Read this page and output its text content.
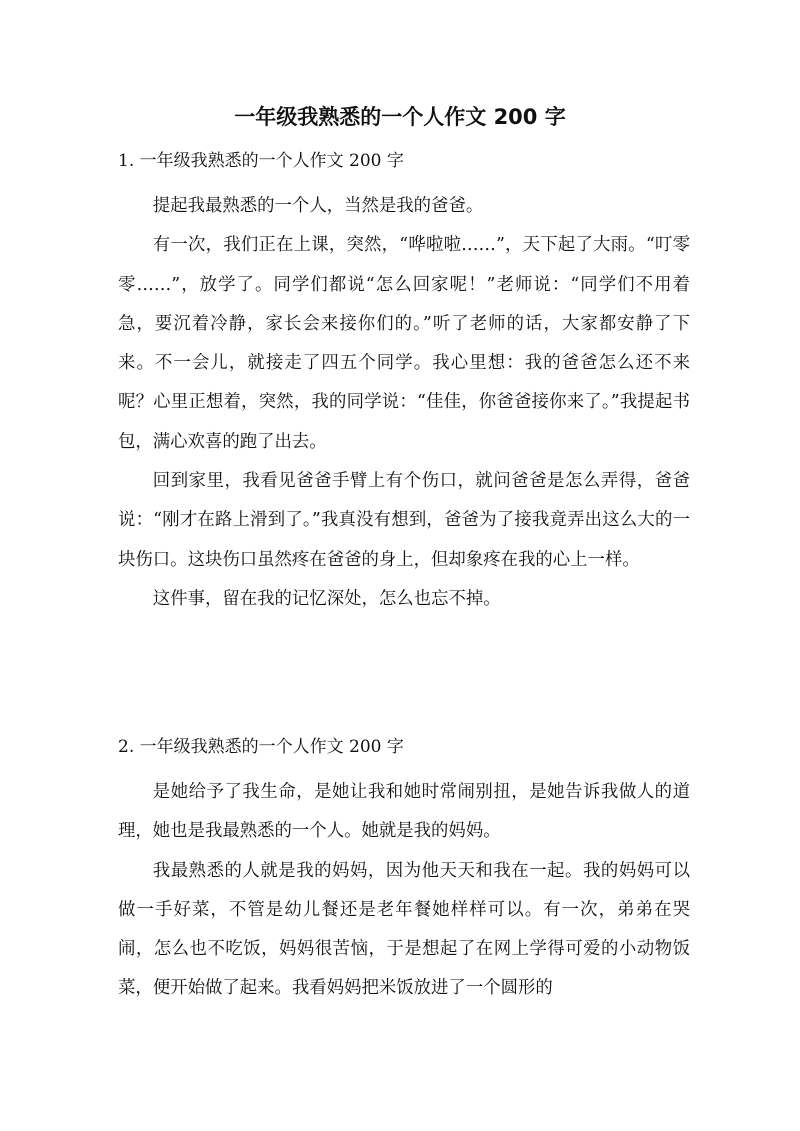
一年级我熟悉的一个人作文 200 字

1. 一年级我熟悉的一个人作文 200 字

提起我最熟悉的一个人，当然是我的爸爸。

有一次，我们正在上课，突然，“哗啦啦……”，天下起了大雨。“叮零零……”，放学了。同学们都说“怎么回家呢！”老师说：“同学们不用着急，要沉着冷静，家长会来接你们的。”听了老师的话，大家都安静了下来。不一会儿，就接走了四五个同学。我心里想：我的爸爸怎么还不来呢？心里正想着，突然，我的同学说：“佳佳，你爸爸接你来了。”我提起书包，满心欢喜的跑了出去。

回到家里，我看见爸爸手臂上有个伤口，就问爸爸是怎么弄得，爸爸说：“刚才在路上滑到了。”我真没有想到，爸爸为了接我竟弄出这么大的一块伤口。这块伤口虽然疼在爸爸的身上，但却象疼在我的心上一样。

这件事，留在我的记忆深处，怎么也忘不掉。

2. 一年级我熟悉的一个人作文 200 字

是她给予了我生命，是她让我和她时常闹别扭，是她告诉我做人的道理，她也是我最熟悉的一个人。她就是我的妈妈。

我最熟悉的人就是我的妈妈，因为他天天和我在一起。我的妈妈可以做一手好菜，不管是幼儿餐还是老年餐她样样可以。有一次，弟弟在哭闹，怎么也不吃饭，妈妈很苦恼，于是想起了在网上学得可爱的小动物饭菜，便开始做了起来。我看妈妈把米饭放进了一个圆形的
